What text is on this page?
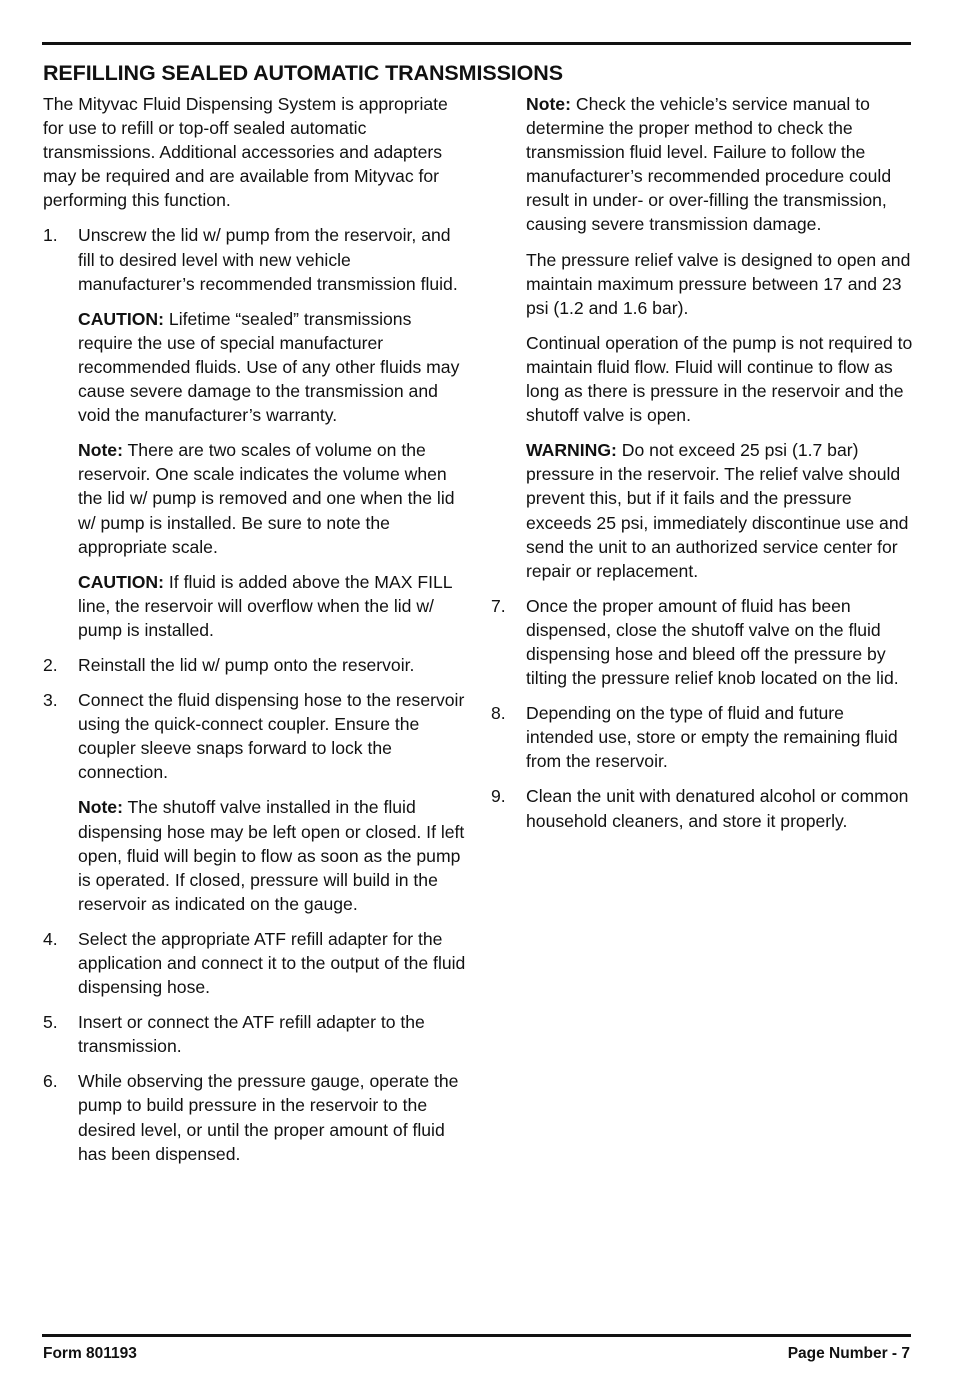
REFILLING SEALED AUTOMATIC TRANSMISSIONS

The Mityvac Fluid Dispensing System is appropriate for use to refill or top-off sealed automatic transmissions. Additional accessories and adapters may be required and are available from Mityvac for performing this function.

1. Unscrew the lid w/ pump from the reservoir, and fill to desired level with new vehicle manufacturer’s recommended transmission fluid.

CAUTION: Lifetime “sealed” transmissions require the use of special manufacturer recommended fluids. Use of any other fluids may cause severe damage to the transmission and void the manufacturer’s warranty.

Note: There are two scales of volume on the reservoir. One scale indicates the volume when the lid w/ pump is removed and one when the lid w/ pump is installed. Be sure to note the appropriate scale.

CAUTION: If fluid is added above the MAX FILL line, the reservoir will overflow when the lid w/ pump is installed.

2. Reinstall the lid w/ pump onto the reservoir.

3. Connect the fluid dispensing hose to the reservoir using the quick-connect coupler. Ensure the coupler sleeve snaps forward to lock the connection.

Note: The shutoff valve installed in the fluid dispensing hose may be left open or closed. If left open, fluid will begin to flow as soon as the pump is operated. If closed, pressure will build in the reservoir as indicated on the gauge.

4. Select the appropriate ATF refill adapter for the application and connect it to the output of the fluid dispensing hose.

5. Insert or connect the ATF refill adapter to the transmission.

6. While observing the pressure gauge, operate the pump to build pressure in the reservoir to the desired level, or until the proper amount of fluid has been dispensed.

Note: Check the vehicle’s service manual to determine the proper method to check the transmission fluid level. Failure to follow the manufacturer’s recommended procedure could result in under- or over-filling the transmission, causing severe transmission damage.

The pressure relief valve is designed to open and maintain maximum pressure between 17 and 23 psi (1.2 and 1.6 bar).

Continual operation of the pump is not required to maintain fluid flow. Fluid will continue to flow as long as there is pressure in the reservoir and the shutoff valve is open.

WARNING: Do not exceed 25 psi (1.7 bar) pressure in the reservoir. The relief valve should prevent this, but if it fails and the pressure exceeds 25 psi, immediately discontinue use and send the unit to an authorized service center for repair or replacement.

7. Once the proper amount of fluid has been dispensed, close the shutoff valve on the fluid dispensing hose and bleed off the pressure by tilting the pressure relief knob located on the lid.

8. Depending on the type of fluid and future intended use, store or empty the remaining fluid from the reservoir.

9. Clean the unit with denatured alcohol or common household cleaners, and store it properly.

Form 801193	Page Number - 7
